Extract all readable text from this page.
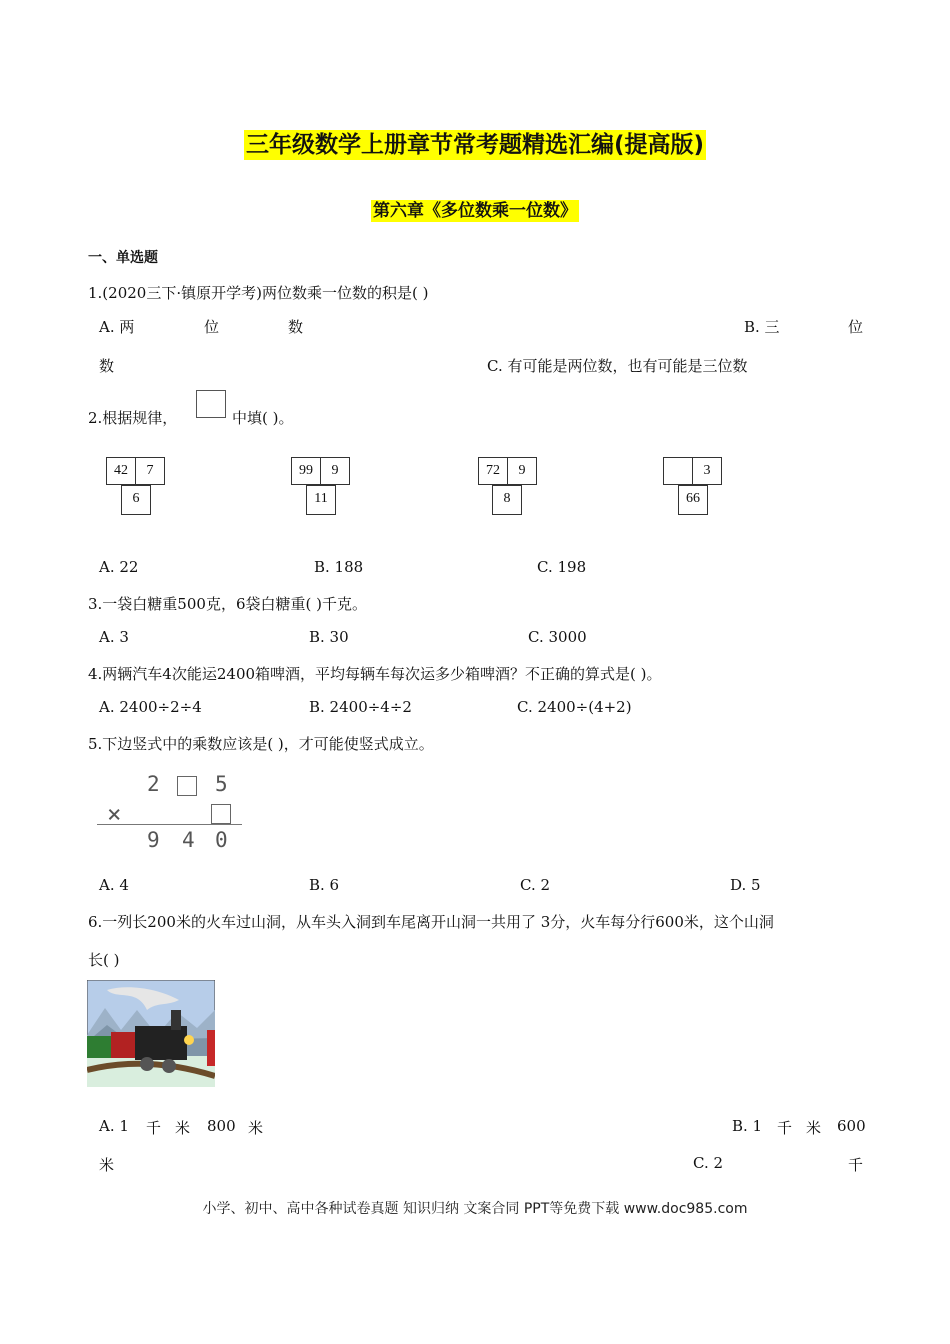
三年级数学上册章节常考题精选汇编(提高版)
第六章《多位数乘一位数》
一、单选题
1.(2020三下·镇原开学考)两位数乘一位数的积是( )
A. 两	位	数	B. 三	位
数	C. 有可能是两位数，也有可能是三位数
2.根据规律，	中填( )。
42	7
6
99	9
11
72	9
8
3
66
A. 22	B. 188	C. 198
3.一袋白糖重500克，6袋白糖重( )千克。
A. 3	B. 30	C. 3000
4.两辆汽车4次能运2400箱啤酒，平均每辆车每次运多少箱啤酒？不正确的算式是( )。
A. 2400÷2÷4	B. 2400÷4÷2	C. 2400÷(4+2)
5.下边竖式中的乘数应该是( )，才可能使竖式成立。
2	5
×
9 4 0
A. 4	B. 6	C. 2	D. 5
6.一列长200米的火车过山洞，从车头入洞到车尾离开山洞一共用了 3分，火车每分行600米，这个山洞
长( )
A. 1 千 米 800 米	B. 1 千 米 600
米	C. 2	千
小学、初中、高中各种试卷真题 知识归纳 文案合同 PPT等免费下载 www.doc985.com
